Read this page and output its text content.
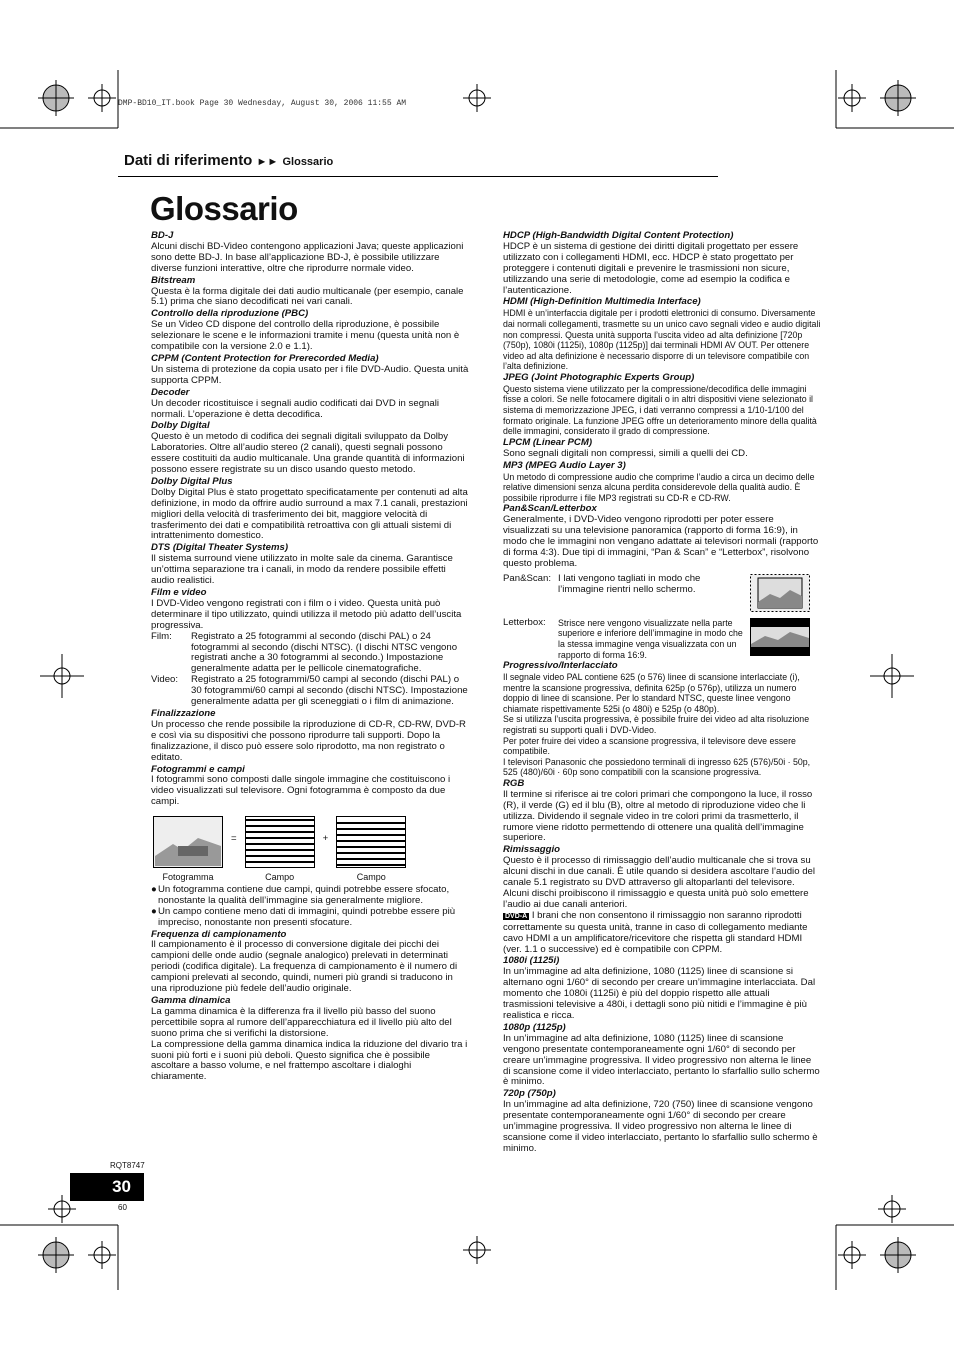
DMP-BD10_IT.book Page 30 Wednesday, August 30, 2006 11:55 AM
Dati di riferimento ►► Glossario
Glossario
BD-J

Alcuni dischi BD-Video contengono applicazioni Java; queste applicazioni sono dette BD-J. In base all’applicazione BD-J, è possibile utilizzare diverse funzioni interattive, oltre che riprodurre normale video.

Bitstream

Questa è la forma digitale dei dati audio multicanale (per esempio, canale 5.1) prima che siano decodificati nei vari canali.

Controllo della riproduzione (PBC)

Se un Video CD dispone del controllo della riproduzione, è possibile selezionare le scene e le informazioni tramite i menu (questa unità non è compatibile con la versione 2.0 e 1.1).

CPPM (Content Protection for Prerecorded Media)

Un sistema di protezione da copia usato per i file DVD-Audio. Questa unità supporta CPPM.

Decoder

Un decoder ricostituisce i segnali audio codificati dai DVD in segnali normali. L’operazione è detta decodifica.

Dolby Digital

Questo è un metodo di codifica dei segnali digitali sviluppato da Dolby Laboratories. Oltre all’audio stereo (2 canali), questi segnali possono essere costituiti da audio multicanale. Una grande quantità di informazioni possono essere registrate su un disco usando questo metodo.

Dolby Digital Plus

Dolby Digital Plus è stato progettato specificatamente per contenuti ad alta definizione, in modo da offrire audio surround a max 7.1 canali, prestazioni migliori della velocità di trasferimento dei bit, maggiore velocità di trasferimento dei dati e compatibilità retroattiva con gli attuali sistemi di intrattenimento domestico.

DTS (Digital Theater Systems)

Il sistema surround viene utilizzato in molte sale da cinema. Garantisce un’ottima separazione tra i canali, in modo da rendere possibile effetti audio realistici.

Film e video

I DVD-Video vengono registrati con i film o i video. Questa unità può determinare il tipo utilizzato, quindi utilizza il metodo più adatto dell’uscita progressiva.

Film:	Registrato a 25 fotogrammi al secondo (dischi PAL) o 24 fotogrammi al secondo (dischi NTSC). (I dischi NTSC vengono registrati anche a 30 fotogrammi al secondo.) Impostazione generalmente adatta per le pellicole cinematografiche.
Video:	Registrato a 25 fotogrammi/50 campi al secondo (dischi PAL) o 30 fotogrammi/60 campi al secondo (dischi NTSC). Impostazione generalmente adatta per gli sceneggiati o i film di animazione.
Finalizzazione

Un processo che rende possibile la riproduzione di CD-R, CD-RW, DVD-R e così via su dispositivi che possono riprodurre tali supporti. Dopo la finalizzazione, il disco può essere solo riprodotto, ma non registrato o editato.

Fotogrammi e campi

I fotogrammi sono composti dalle singole immagine che costituiscono i video visualizzati sul televisore. Ogni fotogramma è composto da due campi.

Fotogramma
=
Campo
+
Campo
● Un fotogramma contiene due campi, quindi potrebbe essere sfocato, nonostante la qualità dell’immagine sia generalmente migliore.
● Un campo contiene meno dati di immagini, quindi potrebbe essere più impreciso, nonostante non presenti sfocature.
Frequenza di campionamento

Il campionamento è il processo di conversione digitale dei picchi dei campioni delle onde audio (segnale analogico) prelevati in determinati periodi (codifica digitale). La frequenza di campionamento è il numero di campioni prelevati al secondo, quindi, numeri più grandi si traducono in una riproduzione più fedele dell’audio originale.

Gamma dinamica

La gamma dinamica è la differenza fra il livello più basso del suono percettibile sopra al rumore dell’apparecchiatura ed il livello più alto del suono prima che si verifichi la distorsione.

La compressione della gamma dinamica indica la riduzione del divario tra i suoni più forti e i suoni più deboli. Questo significa che è possibile ascoltare a basso volume, e nel frattempo ascoltare i dialoghi chiaramente.

HDCP (High-Bandwidth Digital Content Protection)

HDCP è un sistema di gestione dei diritti digitali progettato per essere utilizzato con i collegamenti HDMI, ecc. HDCP è stato progettato per proteggere i contenuti digitali e prevenire le trasmissioni non sicure, utilizzando una serie di metodologie, come ad esempio la codifica e l’autenticazione.

HDMI (High-Definition Multimedia Interface)

HDMI è un’interfaccia digitale per i prodotti elettronici di consumo. Diversamente dai normali collegamenti, trasmette su un unico cavo segnali video e audio digitali non compressi. Questa unità supporta l’uscita video ad alta definizione [720p (750p), 1080i (1125i), 1080p (1125p)] dai terminali HDMI AV OUT. Per ottenere video ad alta definizione è necessario disporre di un televisore compatibile con l’alta definizione.

JPEG (Joint Photographic Experts Group)

Questo sistema viene utilizzato per la compressione/decodifica delle immagini fisse a colori. Se nelle fotocamere digitali o in altri dispositivi viene selezionato il sistema di memorizzazione JPEG, i dati verranno compressi a 1/10-1/100 del formato originale. La funzione JPEG offre un deterioramento minore della qualità delle immagini, considerato il grado di compressione.

LPCM (Linear PCM)

Sono segnali digitali non compressi, simili a quelli dei CD.

MP3 (MPEG Audio Layer 3)

Un metodo di compressione audio che comprime l’audio a circa un decimo delle relative dimensioni senza alcuna perdita considerevole della qualità audio. È possibile riprodurre i file MP3 registrati su CD-R e CD-RW.

Pan&Scan/Letterbox

Generalmente, i DVD-Video vengono riprodotti per poter essere visualizzati su una televisione panoramica (rapporto di forma 16:9), in modo che le immagini non vengano adattate ai televisori normali (rapporto di forma 4:3). Due tipi di immagini, “Pan & Scan” e “Letterbox”, risolvono questo problema.

Pan&Scan: I lati vengono tagliati in modo che l’immagine rientri nello schermo.
Letterbox:	Strisce nere vengono visualizzate nella parte superiore e inferiore dell’immagine in modo che la stessa immagine venga visualizzata con un rapporto di forma 16:9.
Progressivo/Interlacciato

Il segnale video PAL contiene 625 (o 576) linee di scansione interlacciate (i), mentre la scansione progressiva, definita 625p (o 576p), utilizza un numero doppio di linee di scansione. Per lo standard NTSC, queste linee vengono chiamate rispettivamente 525i (o 480i) e 525p (o 480p).

Se si utilizza l’uscita progressiva, è possibile fruire dei video ad alta risoluzione registrati su supporti quali i DVD-Video.

Per poter fruire dei video a scansione progressiva, il televisore deve essere compatibile.

I televisori Panasonic che possiedono terminali di ingresso 625 (576)/50i · 50p, 525 (480)/60i · 60p sono compatibili con la scansione progressiva.

RGB

Il termine si riferisce ai tre colori primari che compongono la luce, il rosso (R), il verde (G) ed il blu (B), oltre al metodo di riproduzione video che li utilizza. Dividendo il segnale video in tre colori primi da trasmetterlo, il rumore viene ridotto permettendo di ottenere una qualità dell’immagine superiore.

Rimissaggio

Questo è il processo di rimissaggio dell’audio multicanale che si trova su alcuni dischi in due canali. È utile quando si desidera ascoltare l’audio del canale 5.1 registrato su DVD attraverso gli altoparlanti del televisore. Alcuni dischi proibiscono il rimissaggio e questa unità può solo emettere l’audio ai due canali anteriori.

DVD-A I brani che non consentono il rimissaggio non saranno riprodotti correttamente su questa unità, tranne in caso di collegamento mediante cavo HDMI a un amplificatore/ricevitore che rispetta gli standard HDMI (ver. 1.1 o successive) ed è compatibile con CPPM.

1080i (1125i)

In un’immagine ad alta definizione, 1080 (1125) linee di scansione si alternano ogni 1/60° di secondo per creare un’immagine interlacciata. Dal momento che 1080i (1125i) è più del doppio rispetto alle attuali trasmissioni televisive a 480i, i dettagli sono più nitidi e l’immagine è più realistica e ricca.

1080p (1125p)

In un’immagine ad alta definizione, 1080 (1125) linee di scansione vengono presentate contemporaneamente ogni 1/60° di secondo per creare un’immagine progressiva. Il video progressivo non alterna le linee di scansione come il video interlacciato, pertanto lo sfarfallio sullo schermo è minimo.

720p (750p)

In un’immagine ad alta definizione, 720 (750) linee di scansione vengono presentate contemporaneamente ogni 1/60° di secondo per creare un’immagine progressiva. Il video progressivo non alterna le linee di scansione come il video interlacciato, pertanto lo sfarfallio sullo schermo è minimo.

RQT8747
30
60
